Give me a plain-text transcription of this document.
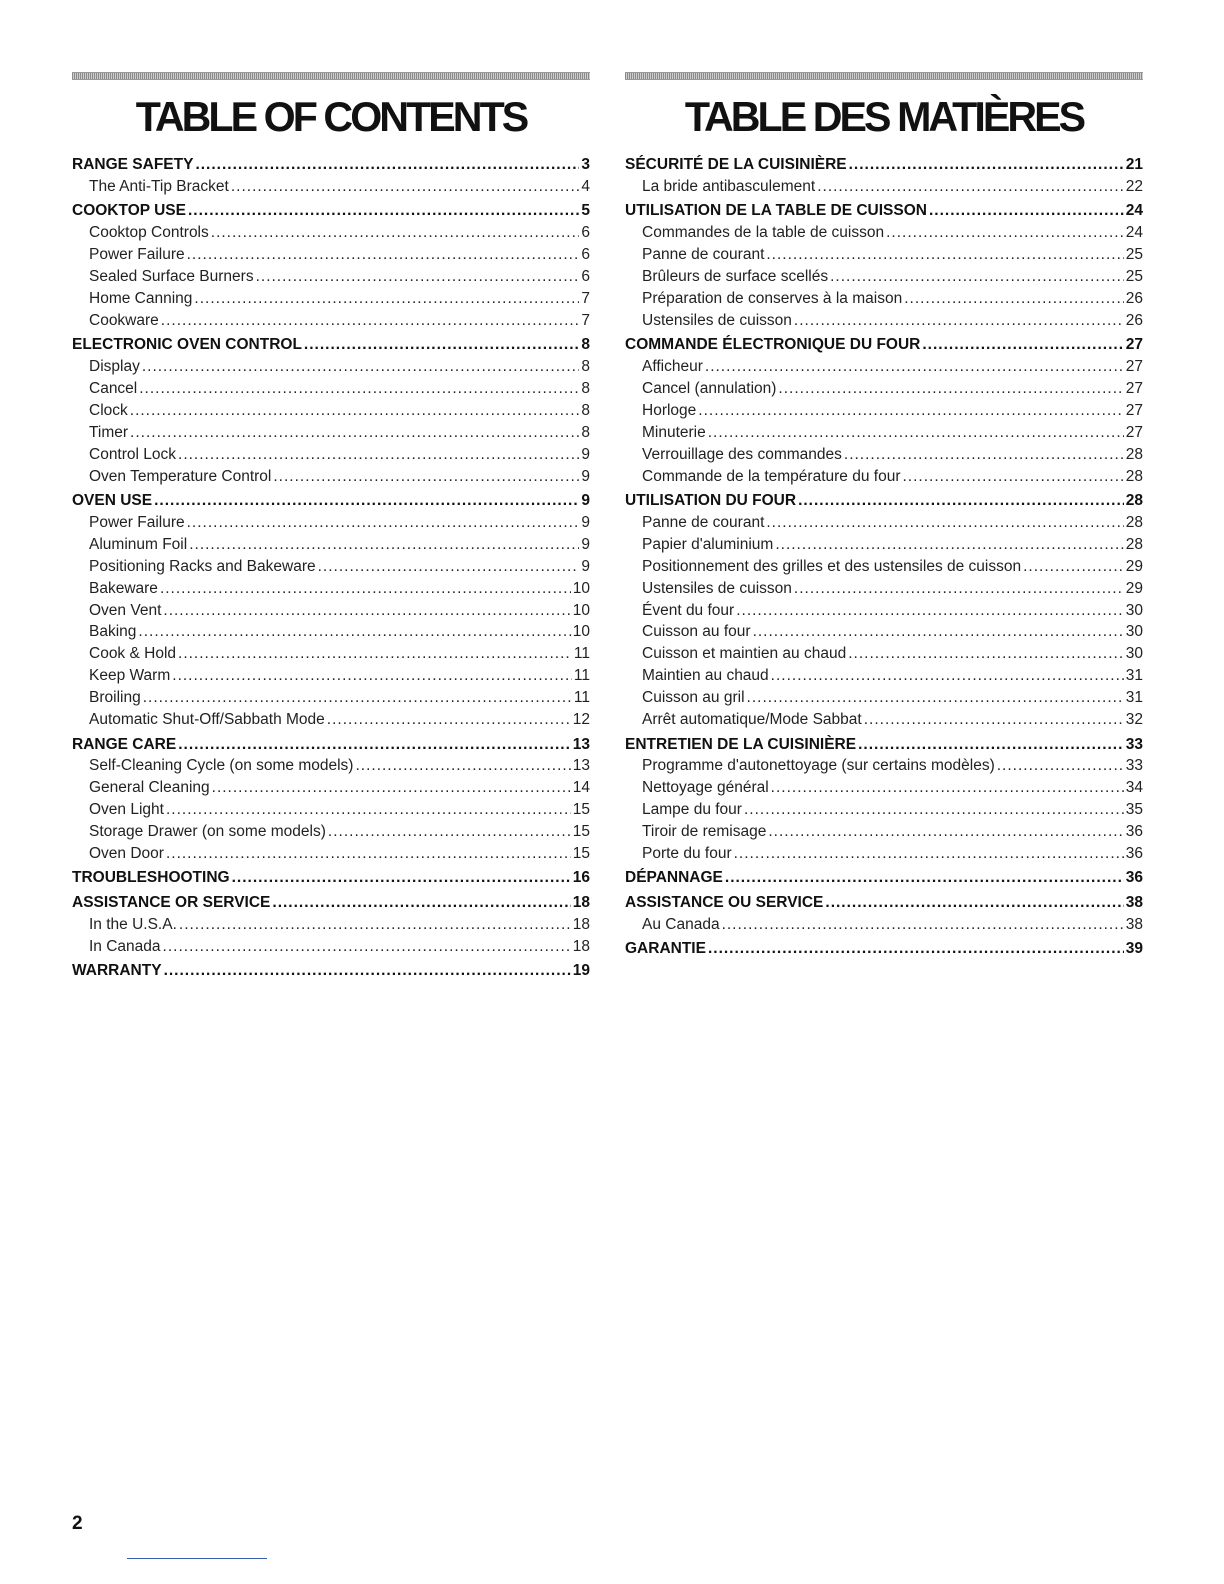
TABLE OF CONTENTS
RANGE SAFETY .....	3
The Anti-Tip Bracket .....	4
COOKTOP USE .....	5
Cooktop Controls .....	6
Power Failure .....	6
Sealed Surface Burners .....	6
Home Canning .....	7
Cookware .....	7
ELECTRONIC OVEN CONTROL .....	8
Display .....	8
Cancel .....	8
Clock .....	8
Timer .....	8
Control Lock .....	9
Oven Temperature Control .....	9
OVEN USE .....	9
Power Failure .....	9
Aluminum Foil .....	9
Positioning Racks and Bakeware .....	9
Bakeware .....	10
Oven Vent .....	10
Baking .....	10
Cook & Hold .....	11
Keep Warm .....	11
Broiling .....	11
Automatic Shut-Off/Sabbath Mode .....	12
RANGE CARE .....	13
Self-Cleaning Cycle (on some models) .....	13
General Cleaning .....	14
Oven Light .....	15
Storage Drawer (on some models) .....	15
Oven Door .....	15
TROUBLESHOOTING .....	16
ASSISTANCE OR SERVICE .....	18
In the U.S.A. .....	18
In Canada .....	18
WARRANTY .....	19
TABLE DES MATIÈRES
SÉCURITÉ DE LA CUISINIÈRE .....	21
La bride antibasculement .....	22
UTILISATION DE LA TABLE DE CUISSON .....	24
Commandes de la table de cuisson .....	24
Panne de courant .....	25
Brûleurs de surface scellés .....	25
Préparation de conserves à la maison .....	26
Ustensiles de cuisson .....	26
COMMANDE ÉLECTRONIQUE DU FOUR .....	27
Afficheur .....	27
Cancel (annulation) .....	27
Horloge .....	27
Minuterie .....	27
Verrouillage des commandes .....	28
Commande de la température du four .....	28
UTILISATION DU FOUR .....	28
Panne de courant .....	28
Papier d'aluminium .....	28
Positionnement des grilles et des ustensiles de cuisson .....	29
Ustensiles de cuisson .....	29
Évent du four .....	30
Cuisson au four .....	30
Cuisson et maintien au chaud .....	30
Maintien au chaud .....	31
Cuisson au gril .....	31
Arrêt automatique/Mode Sabbat .....	32
ENTRETIEN DE LA CUISINIÈRE .....	33
Programme d'autonettoyage (sur certains modèles) .....	33
Nettoyage général .....	34
Lampe du four .....	35
Tiroir de remisage .....	36
Porte du four .....	36
DÉPANNAGE .....	36
ASSISTANCE OU SERVICE .....	38
Au Canada .....	38
GARANTIE .....	39
2
